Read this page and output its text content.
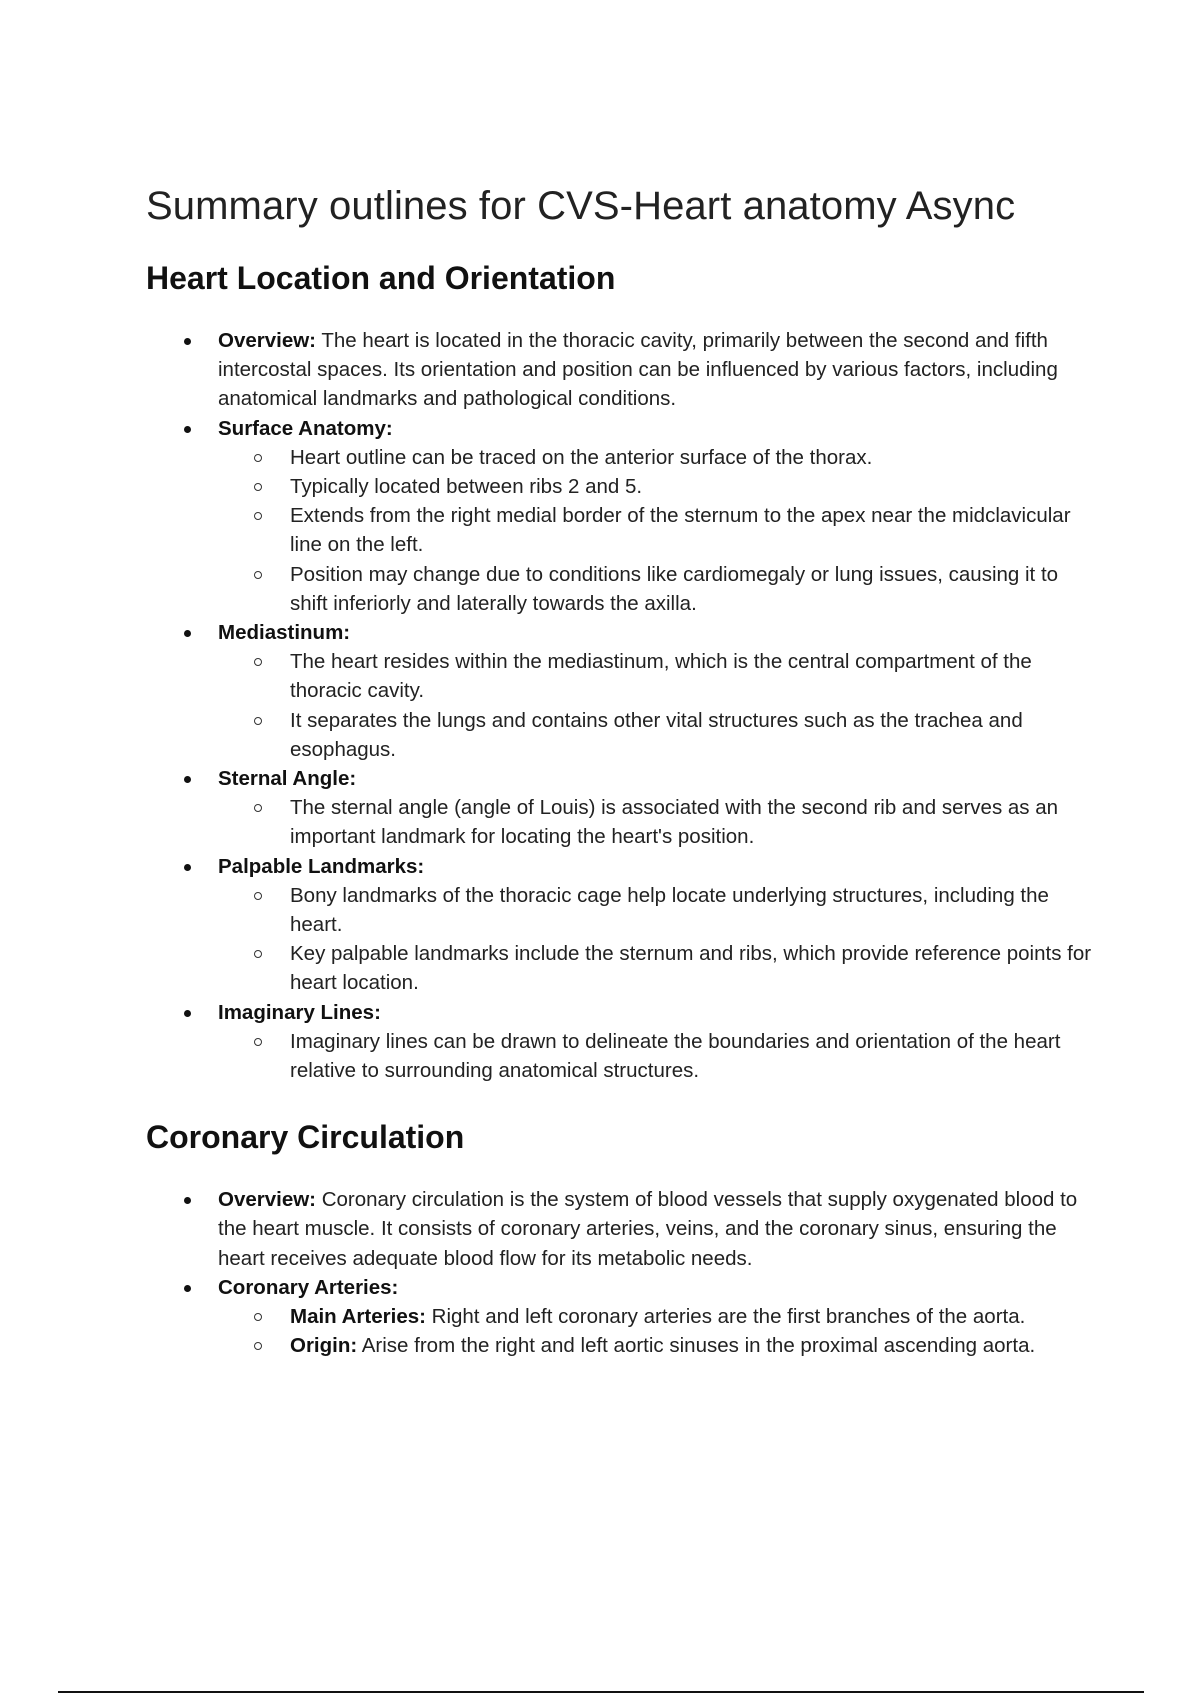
Summary outlines for CVS-Heart anatomy Async
Heart Location and Orientation
Overview: The heart is located in the thoracic cavity, primarily between the second and fifth intercostal spaces. Its orientation and position can be influenced by various factors, including anatomical landmarks and pathological conditions.
Surface Anatomy:
Heart outline can be traced on the anterior surface of the thorax.
Typically located between ribs 2 and 5.
Extends from the right medial border of the sternum to the apex near the midclavicular line on the left.
Position may change due to conditions like cardiomegaly or lung issues, causing it to shift inferiorly and laterally towards the axilla.
Mediastinum:
The heart resides within the mediastinum, which is the central compartment of the thoracic cavity.
It separates the lungs and contains other vital structures such as the trachea and esophagus.
Sternal Angle:
The sternal angle (angle of Louis) is associated with the second rib and serves as an important landmark for locating the heart's position.
Palpable Landmarks:
Bony landmarks of the thoracic cage help locate underlying structures, including the heart.
Key palpable landmarks include the sternum and ribs, which provide reference points for heart location.
Imaginary Lines:
Imaginary lines can be drawn to delineate the boundaries and orientation of the heart relative to surrounding anatomical structures.
Coronary Circulation
Overview: Coronary circulation is the system of blood vessels that supply oxygenated blood to the heart muscle. It consists of coronary arteries, veins, and the coronary sinus, ensuring the heart receives adequate blood flow for its metabolic needs.
Coronary Arteries:
Main Arteries: Right and left coronary arteries are the first branches of the aorta.
Origin: Arise from the right and left aortic sinuses in the proximal ascending aorta.
